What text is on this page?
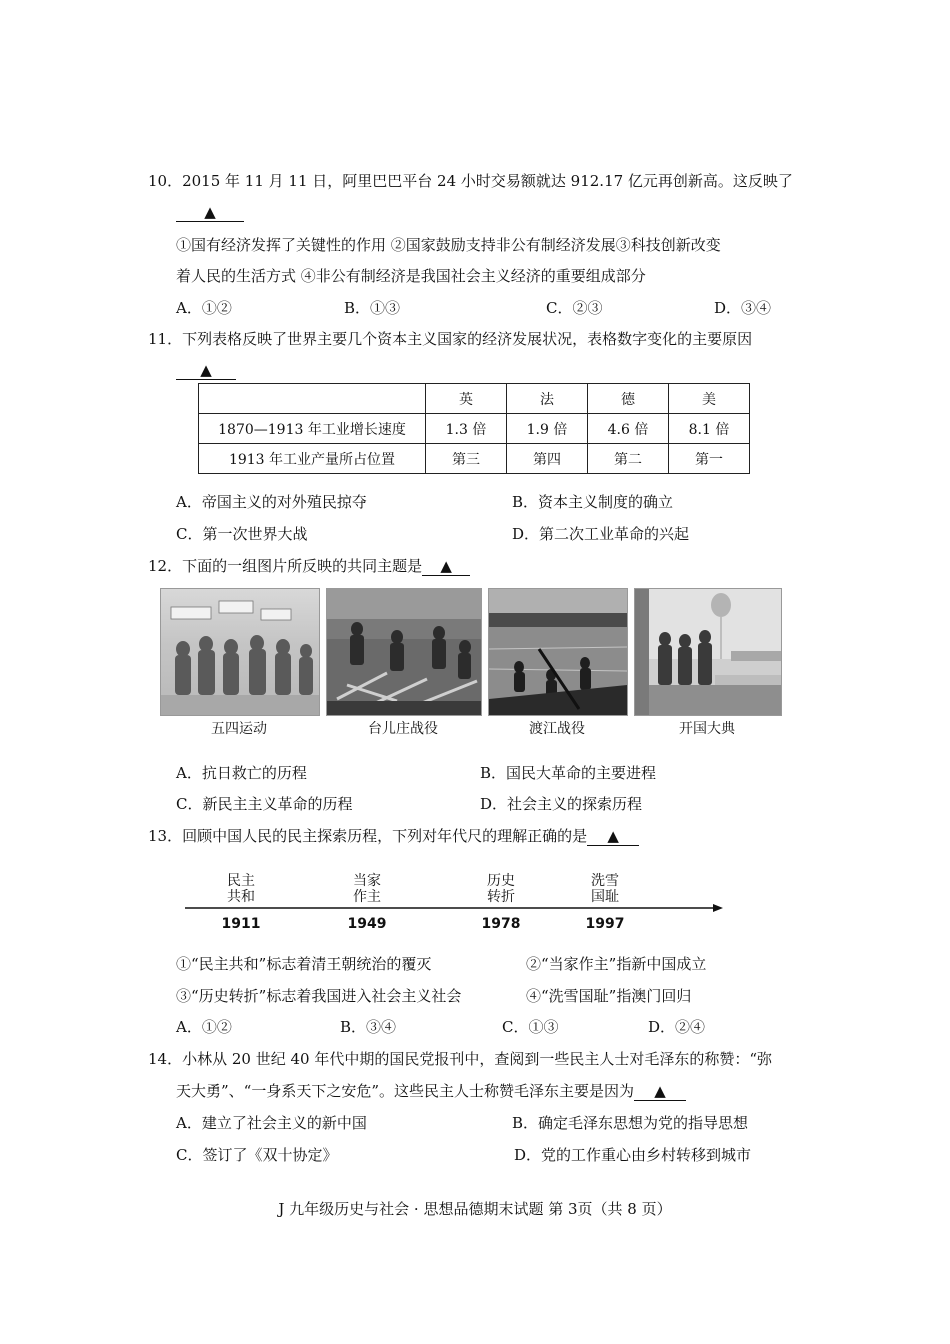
10．2015 年 11 月 11 日，阿里巴巴平台 24 小时交易额就达 912.17 亿元再创新高。这反映了
▲
①国有经济发挥了关键性的作用 ②国家鼓励支持非公有制经济发展③科技创新改变
着人民的生活方式 ④非公有制经济是我国社会主义经济的重要组成部分
A．①②	B．①③	C．②③	D．③④
11．下列表格反映了世界主要几个资本主义国家的经济发展状况，表格数字变化的主要原因
▲
	英	法	德	美
1870—1913 年工业增长速度	1.3 倍	1.9 倍	4.6 倍	8.1 倍
1913 年工业产量所占位置	第三	第四	第二	第一
A．帝国主义的对外殖民掠夺	B．资本主义制度的确立
C．第一次世界大战	D．第二次工业革命的兴起
12．下面的一组图片所反映的共同主题是 ▲
五四运动	台儿庄战役	渡江战役	开国大典
A．抗日救亡的历程	B．国民大革命的主要进程
C．新民主主义革命的历程	D．社会主义的探索历程
13．回顾中国人民的民主探索历程，下列对年代尺的理解正确的是 ▲
民主
共和
1911
当家
作主
1949
历史
转折
1978
洗雪
国耻
1997
①“民主共和”标志着清王朝统治的覆灭	②“当家作主”指新中国成立
③“历史转折”标志着我国进入社会主义社会	④“洗雪国耻”指澳门回归
A．①②	B．③④	C．①③	D．②④
14．小林从 20 世纪 40 年代中期的国民党报刊中，查阅到一些民主人士对毛泽东的称赞：“弥
天大勇”、“一身系天下之安危”。这些民主人士称赞毛泽东主要是因为 ▲
A．建立了社会主义的新中国	B．确定毛泽东思想为党的指导思想
C．签订了《双十协定》	D．党的工作重心由乡村转移到城市
J 九年级历史与社会 · 思想品德期末试题 第 3页（共 8 页）
